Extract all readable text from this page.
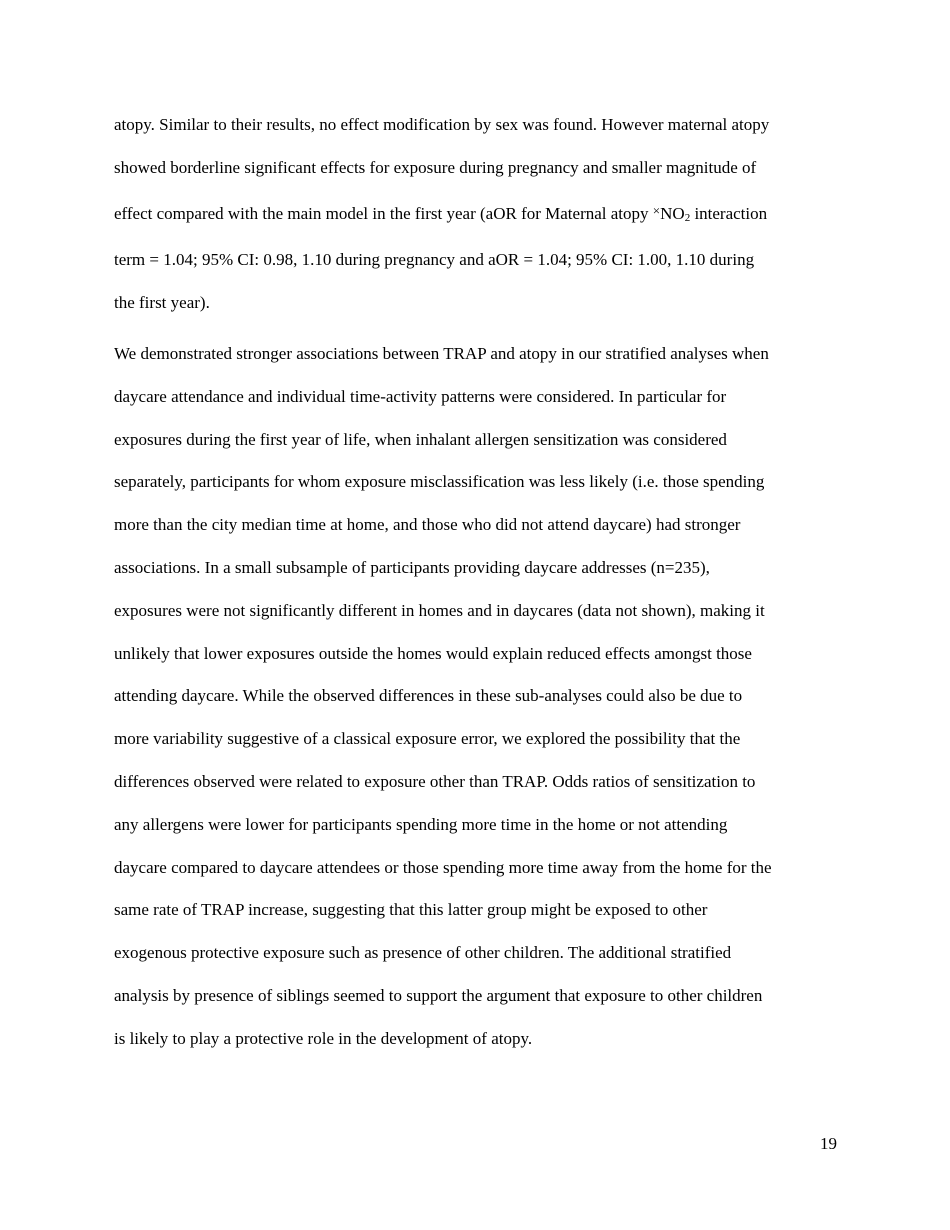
atopy. Similar to their results, no effect modification by sex was found. However maternal atopy
showed borderline significant effects for exposure during pregnancy and smaller magnitude of
effect compared with the main model in the first year (aOR for Maternal atopy ×NO2 interaction
term = 1.04; 95% CI: 0.98, 1.10 during pregnancy and aOR = 1.04; 95% CI: 1.00, 1.10 during
the first year).

We demonstrated stronger associations between TRAP and atopy in our stratified analyses when
daycare attendance and individual time-activity patterns were considered. In particular for
exposures during the first year of life, when inhalant allergen sensitization was considered
separately, participants for whom exposure misclassification was less likely (i.e. those spending
more than the city median time at home, and those who did not attend daycare) had stronger
associations. In a small subsample of participants providing daycare addresses (n=235),
exposures were not significantly different in homes and in daycares (data not shown), making it
unlikely that lower exposures outside the homes would explain reduced effects amongst those
attending daycare. While the observed differences in these sub-analyses could also be due to
more variability suggestive of a classical exposure error, we explored the possibility that the
differences observed were related to exposure other than TRAP. Odds ratios of sensitization to
any allergens were lower for participants spending more time in the home or not attending
daycare compared to daycare attendees or those spending more time away from the home for the
same rate of TRAP increase, suggesting that this latter group might be exposed to other
exogenous protective exposure such as presence of other children. The additional stratified
analysis by presence of siblings seemed to support the argument that exposure to other children
is likely to play a protective role in the development of atopy.

19
